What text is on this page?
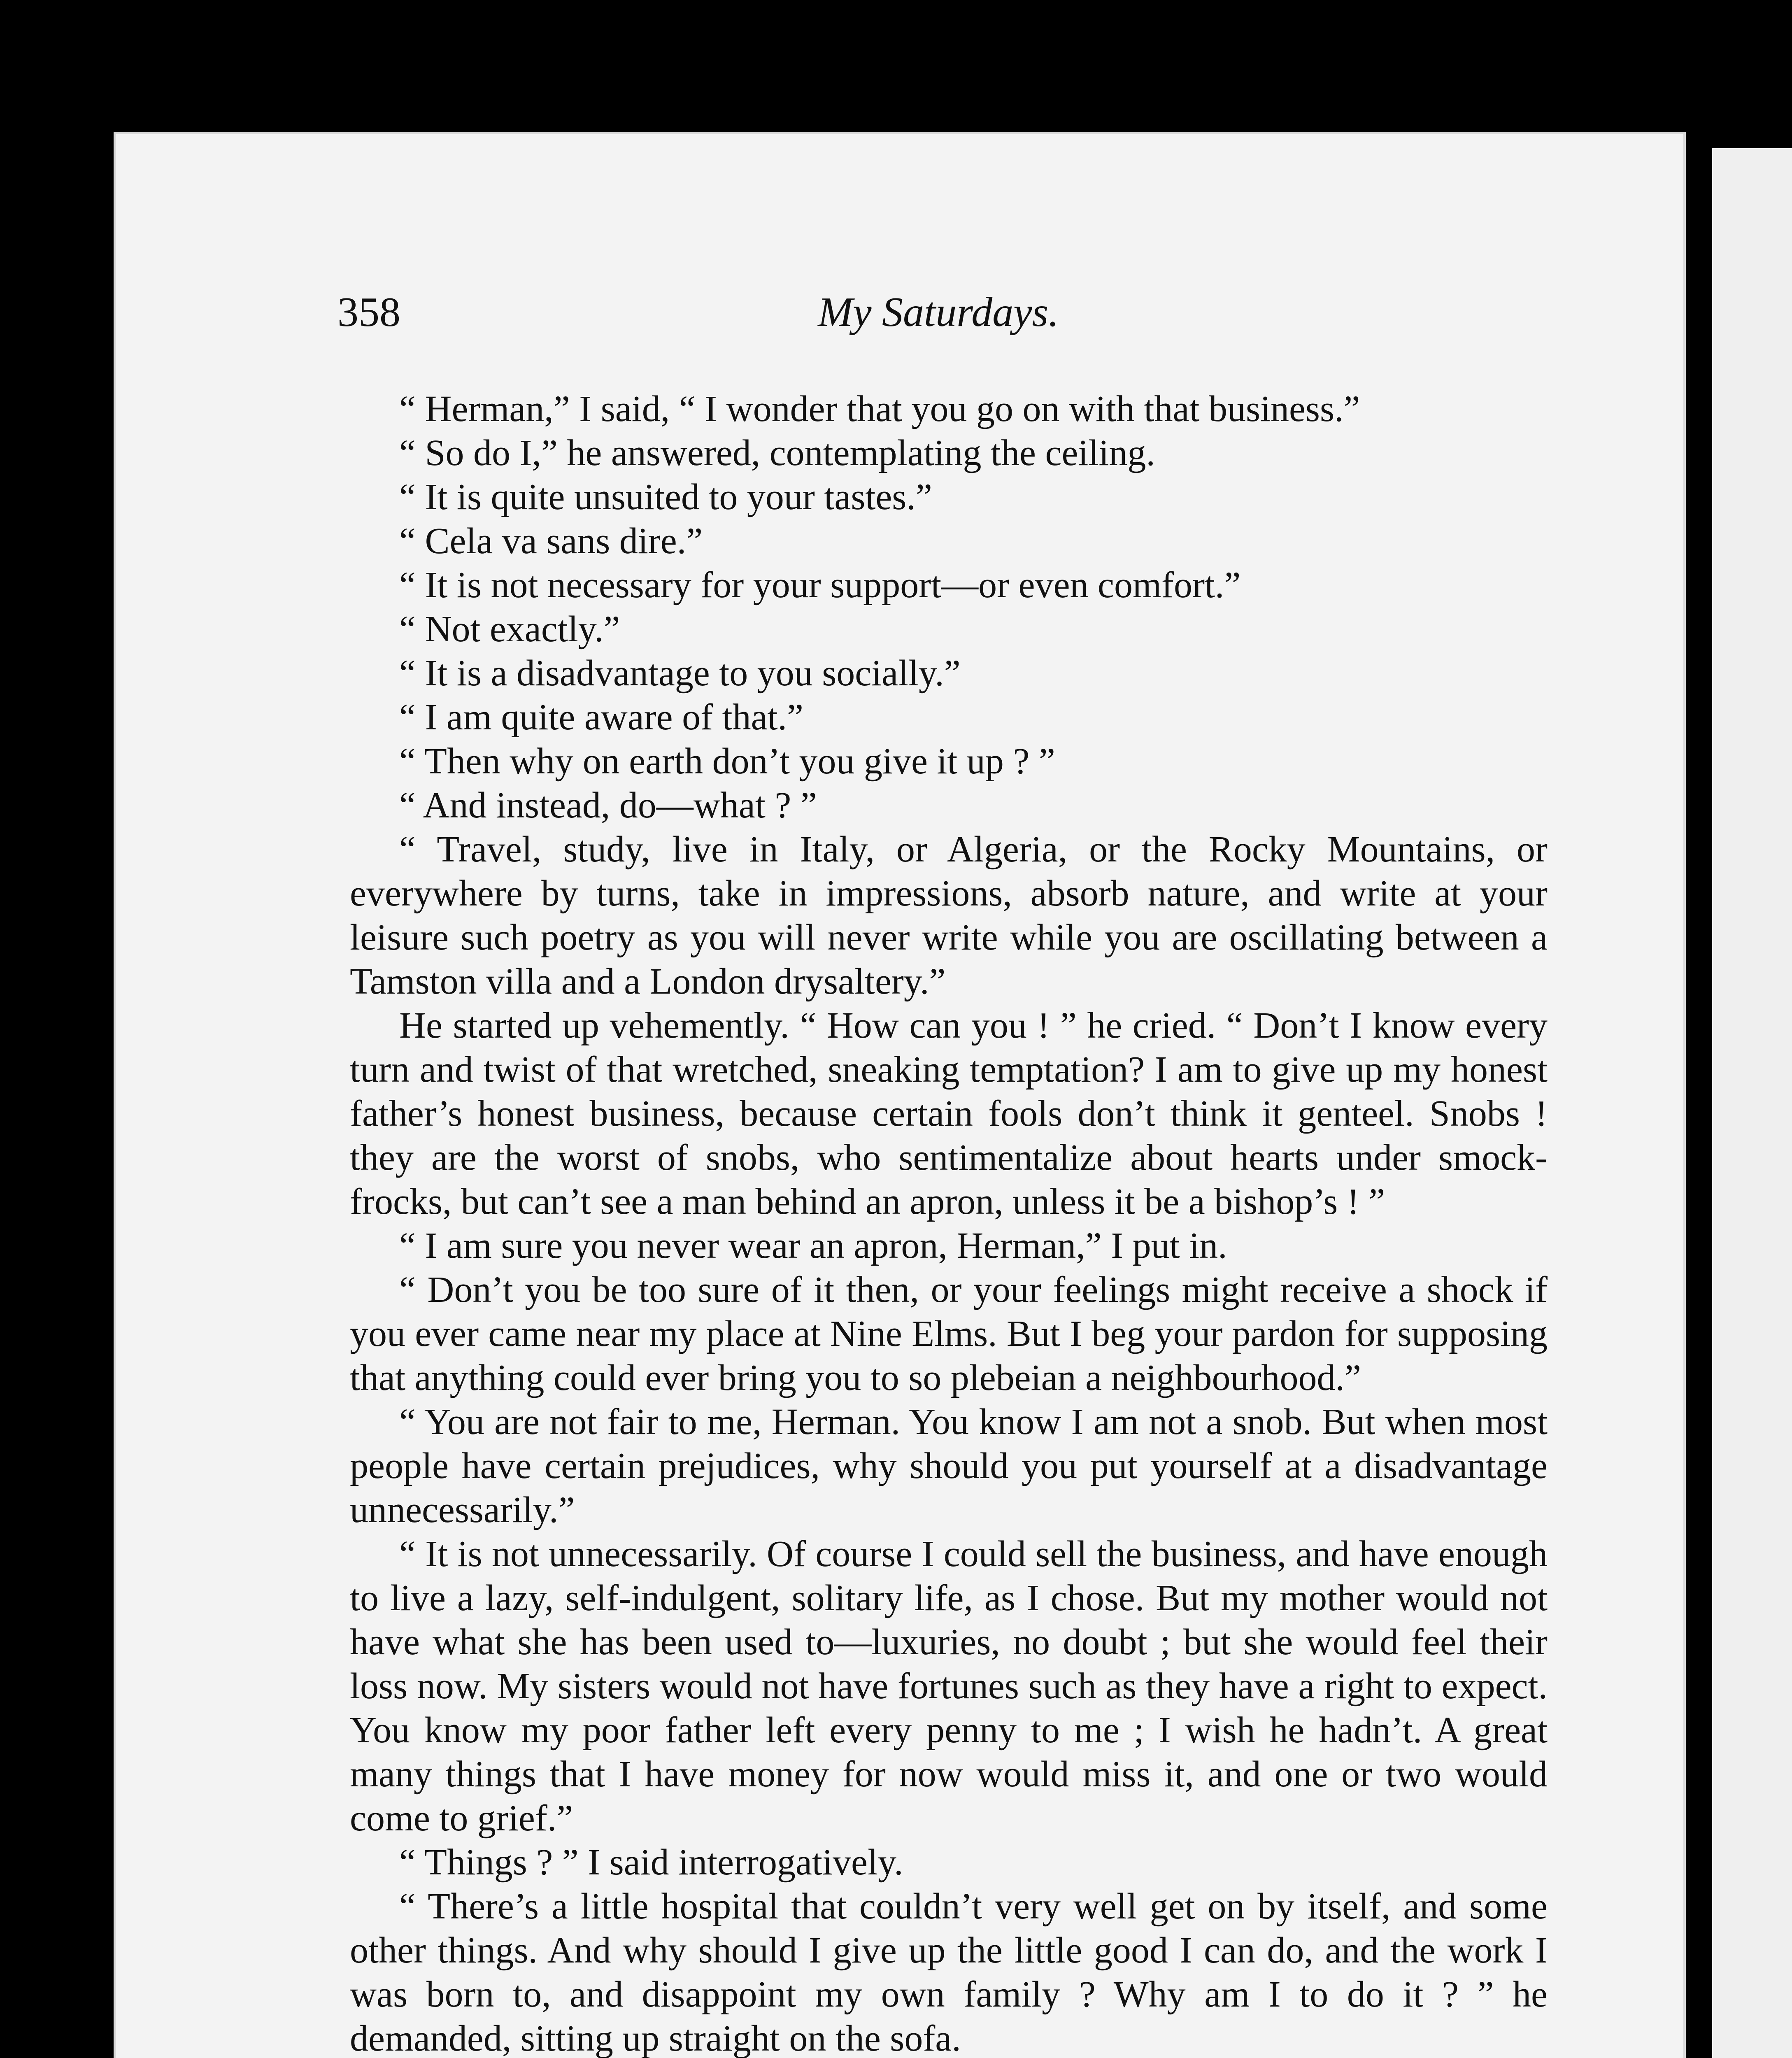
358	My Saturdays.

“ Herman,” I said, “ I wonder that you go on with that business.”

“ So do I,” he answered, contemplating the ceiling.

“ It is quite unsuited to your tastes.”

“ Cela va sans dire.”

“ It is not necessary for your support—or even comfort.”

“ Not exactly.”

“ It is a disadvantage to you socially.”

“ I am quite aware of that.”

“ Then why on earth don’t you give it up ? ”

“ And instead, do—what ? ”

“ Travel, study, live in Italy, or Algeria, or the Rocky Mountains, or everywhere by turns, take in impressions, absorb nature, and write at your leisure such poetry as you will never write while you are oscillating between a Tamston villa and a London drysaltery.”

He started up vehemently. “ How can you ! ” he cried. “ Don’t I know every turn and twist of that wretched, sneaking temptation? I am to give up my honest father’s honest business, because certain fools don’t think it genteel. Snobs ! they are the worst of snobs, who sentimentalize about hearts under smock-frocks, but can’t see a man behind an apron, unless it be a bishop’s ! ”

“ I am sure you never wear an apron, Herman,” I put in.

“ Don’t you be too sure of it then, or your feelings might receive a shock if you ever came near my place at Nine Elms. But I beg your pardon for supposing that anything could ever bring you to so plebeian a neighbourhood.”

“ You are not fair to me, Herman. You know I am not a snob. But when most people have certain prejudices, why should you put yourself at a disadvantage unnecessarily.”

“ It is not unnecessarily. Of course I could sell the business, and have enough to live a lazy, self-indulgent, solitary life, as I chose. But my mother would not have what she has been used to—luxuries, no doubt ; but she would feel their loss now. My sisters would not have fortunes such as they have a right to expect. You know my poor father left every penny to me ; I wish he hadn’t. A great many things that I have money for now would miss it, and one or two would come to grief.”

“ Things ? ” I said interrogatively.

“ There’s a little hospital that couldn’t very well get on by itself, and some other things. And why should I give up the little good I can do, and the work I was born to, and disappoint my own family ? Why am I to do it ? ” he demanded, sitting up straight on the sofa.
